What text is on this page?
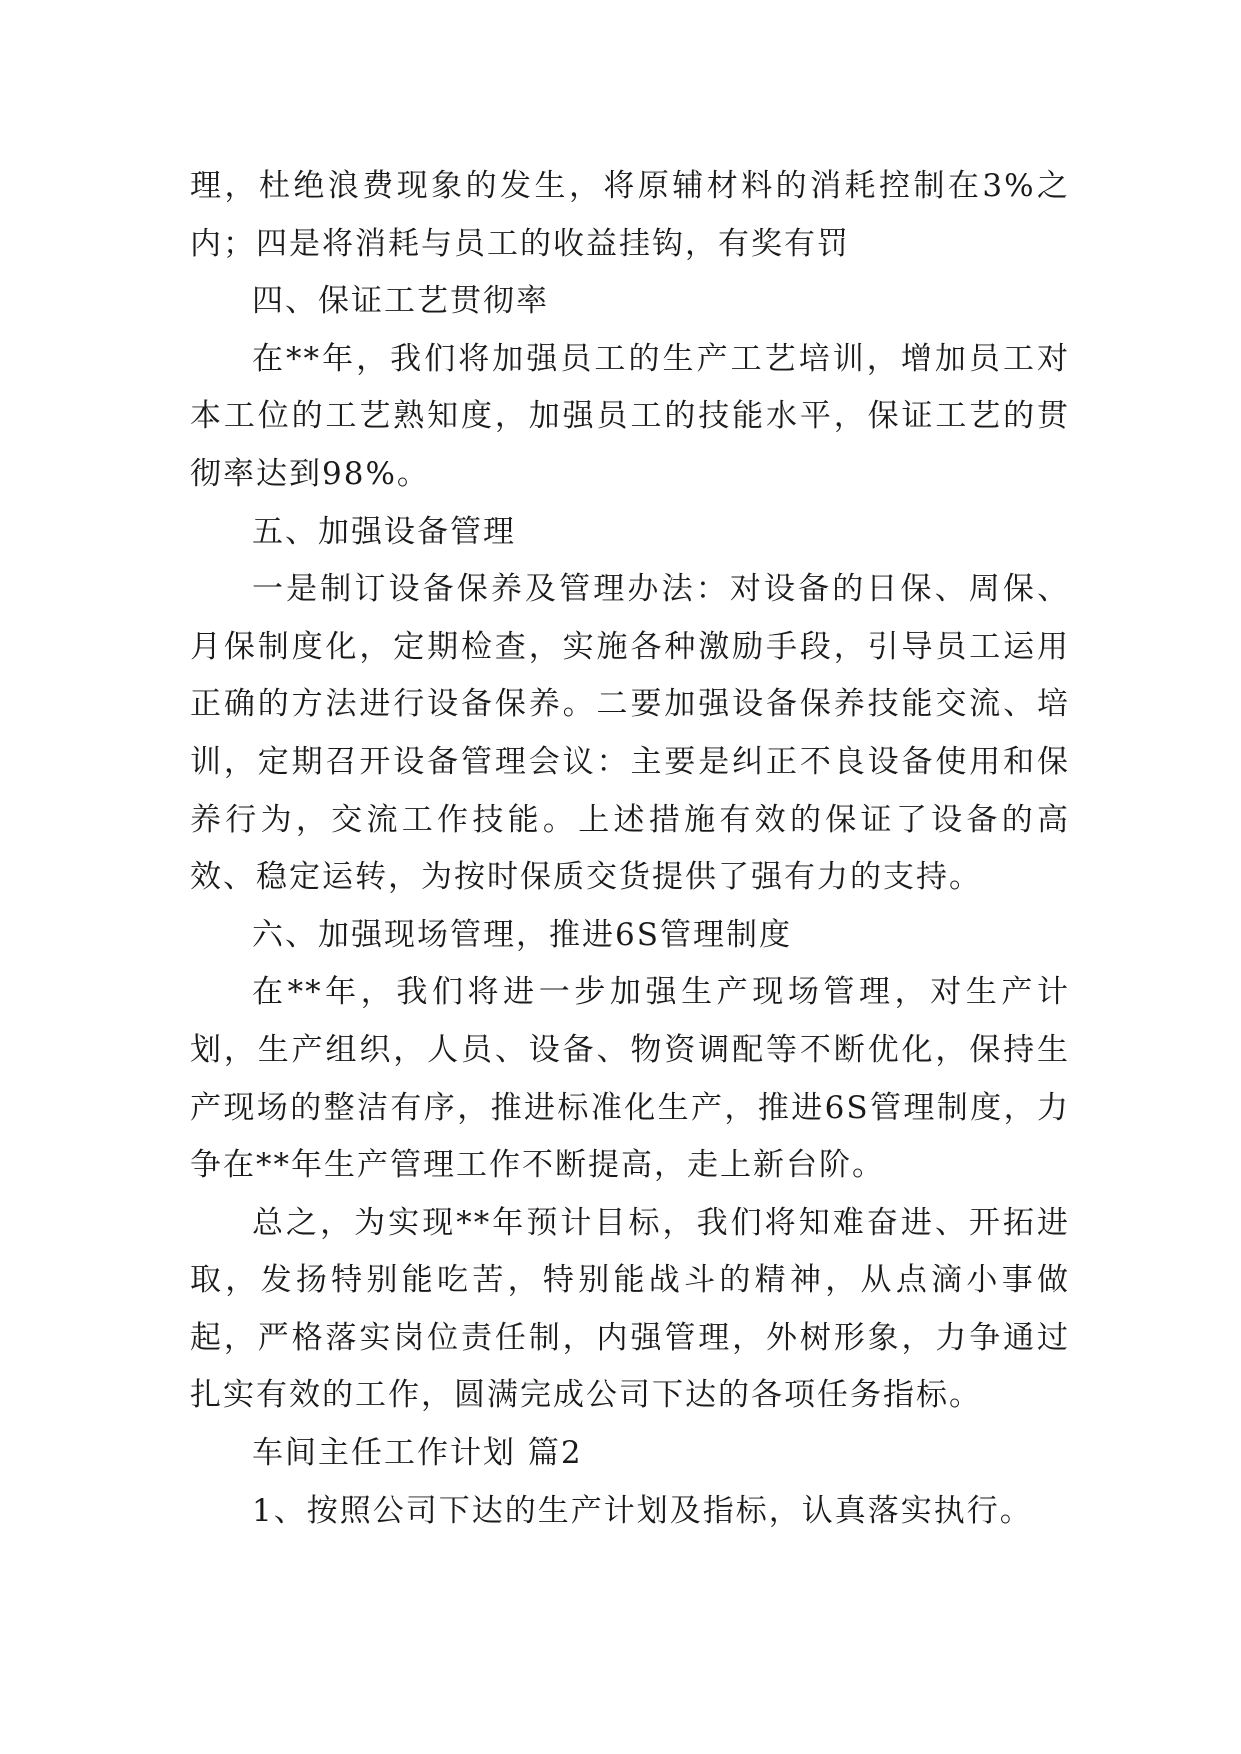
理，杜绝浪费现象的发生，将原辅材料的消耗控制在3%之内；四是将消耗与员工的收益挂钩，有奖有罚

四、保证工艺贯彻率

在**年，我们将加强员工的生产工艺培训，增加员工对本工位的工艺熟知度，加强员工的技能水平，保证工艺的贯彻率达到98%。

五、加强设备管理

一是制订设备保养及管理办法：对设备的日保、周保、月保制度化，定期检查，实施各种激励手段，引导员工运用正确的方法进行设备保养。二要加强设备保养技能交流、培训，定期召开设备管理会议：主要是纠正不良设备使用和保养行为，交流工作技能。上述措施有效的保证了设备的高效、稳定运转，为按时保质交货提供了强有力的支持。

六、加强现场管理，推进6S管理制度

在**年，我们将进一步加强生产现场管理，对生产计划，生产组织，人员、设备、物资调配等不断优化，保持生产现场的整洁有序，推进标准化生产，推进6S管理制度，力争在**年生产管理工作不断提高，走上新台阶。

总之，为实现**年预计目标，我们将知难奋进、开拓进取，发扬特别能吃苦，特别能战斗的精神，从点滴小事做起，严格落实岗位责任制，内强管理，外树形象，力争通过扎实有效的工作，圆满完成公司下达的各项任务指标。

车间主任工作计划 篇2

1、按照公司下达的生产计划及指标，认真落实执行。
